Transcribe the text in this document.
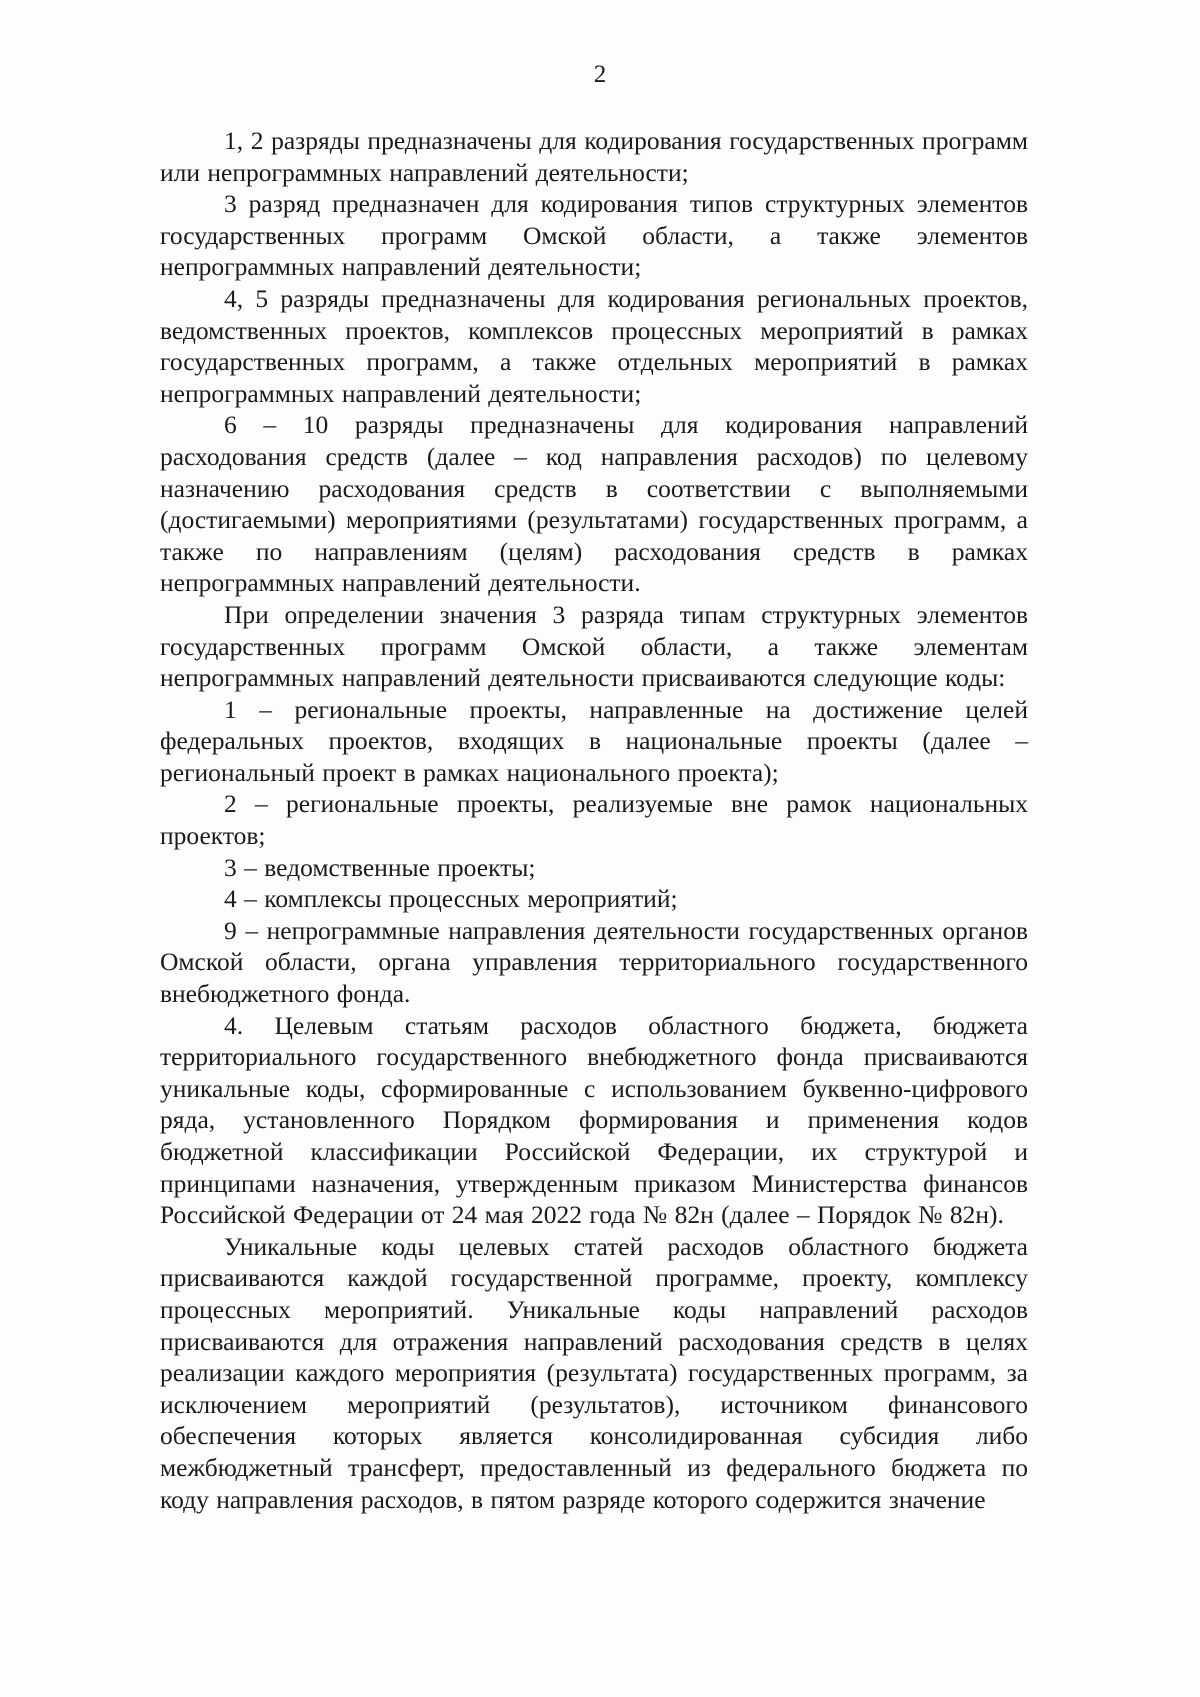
2

1, 2 разряды предназначены для кодирования государственных программ или непрограммных направлений деятельности;

3 разряд предназначен для кодирования типов структурных элементов государственных программ Омской области, а также элементов непрограммных направлений деятельности;

4, 5 разряды предназначены для кодирования региональных проектов, ведомственных проектов, комплексов процессных мероприятий в рамках государственных программ, а также отдельных мероприятий в рамках непрограммных направлений деятельности;

6 – 10 разряды предназначены для кодирования направлений расходования средств (далее – код направления расходов) по целевому назначению расходования средств в соответствии с выполняемыми (достигаемыми) мероприятиями (результатами) государственных программ, а также по направлениям (целям) расходования средств в рамках непрограммных направлений деятельности.

При определении значения 3 разряда типам структурных элементов государственных программ Омской области, а также элементам непрограммных направлений деятельности присваиваются следующие коды:

1 – региональные проекты, направленные на достижение целей федеральных проектов, входящих в национальные проекты (далее – региональный проект в рамках национального проекта);

2 – региональные проекты, реализуемые вне рамок национальных проектов;

3 – ведомственные проекты;

4 – комплексы процессных мероприятий;

9 – непрограммные направления деятельности государственных органов Омской области, органа управления территориального государственного внебюджетного фонда.

4. Целевым статьям расходов областного бюджета, бюджета территориального государственного внебюджетного фонда присваиваются уникальные коды, сформированные с использованием буквенно-цифрового ряда, установленного Порядком формирования и применения кодов бюджетной классификации Российской Федерации, их структурой и принципами назначения, утвержденным приказом Министерства финансов Российской Федерации от 24 мая 2022 года № 82н (далее – Порядок № 82н).

Уникальные коды целевых статей расходов областного бюджета присваиваются каждой государственной программе, проекту, комплексу процессных мероприятий. Уникальные коды направлений расходов присваиваются для отражения направлений расходования средств в целях реализации каждого мероприятия (результата) государственных программ, за исключением мероприятий (результатов), источником финансового обеспечения которых является консолидированная субсидия либо межбюджетный трансферт, предоставленный из федерального бюджета по коду направления расходов, в пятом разряде которого содержится значение
